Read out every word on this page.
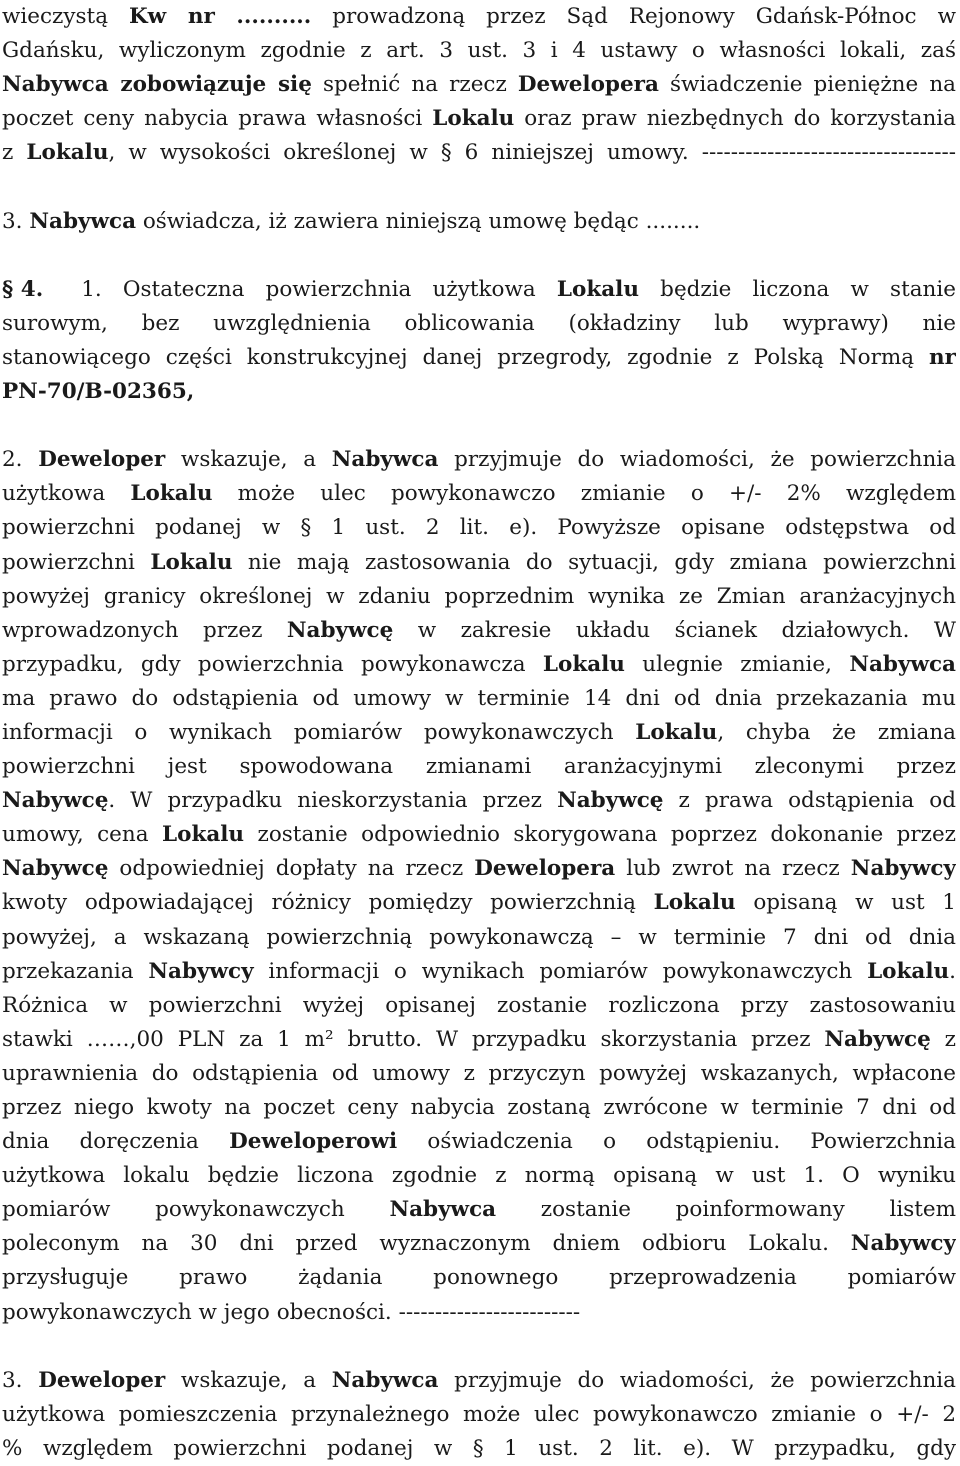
wieczystą Kw nr .......... prowadzoną przez Sąd Rejonowy Gdańsk-Północ w
Gdańsku, wyliczonym zgodnie z art. 3 ust. 3 i 4 ustawy o własności lokali, zaś
Nabywca zobowiązuje się spełnić na rzecz Dewelopera świadczenie pieniężne na
poczet ceny nabycia prawa własności Lokalu oraz praw niezbędnych do korzystania
z Lokalu, w wysokości określonej w § 6 niniejszej umowy. -----------------------------------
3. Nabywca oświadcza, iż zawiera niniejszą umowę będąc ........
§ 4. 1. Ostateczna powierzchnia użytkowa Lokalu będzie liczona w stanie
surowym, bez uwzględnienia oblicowania (okładziny lub wyprawy) nie
stanowiącego części konstrukcyjnej danej przegrody, zgodnie z Polską Normą nr
PN-70/B-02365,
2. Deweloper wskazuje, a Nabywca przyjmuje do wiadomości, że powierzchnia
użytkowa Lokalu może ulec powykonawczo zmianie o +/- 2% względem
powierzchni podanej w § 1 ust. 2 lit. e). Powyższe opisane odstępstwa od
powierzchni Lokalu nie mają zastosowania do sytuacji, gdy zmiana powierzchni
powyżej granicy określonej w zdaniu poprzednim wynika ze Zmian aranżacyjnych
wprowadzonych przez Nabywcę w zakresie układu ścianek działowych. W
przypadku, gdy powierzchnia powykonawcza Lokalu ulegnie zmianie, Nabywca
ma prawo do odstąpienia od umowy w terminie 14 dni od dnia przekazania mu
informacji o wynikach pomiarów powykonawczych Lokalu, chyba że zmiana
powierzchni jest spowodowana zmianami aranżacyjnymi zleconymi przez
Nabywcę. W przypadku nieskorzystania przez Nabywcę z prawa odstąpienia od
umowy, cena Lokalu zostanie odpowiednio skorygowana poprzez dokonanie przez
Nabywcę odpowiedniej dopłaty na rzecz Dewelopera lub zwrot na rzecz Nabywcy
kwoty odpowiadającej różnicy pomiędzy powierzchnią Lokalu opisaną w ust 1
powyżej, a wskazaną powierzchnią powykonawczą – w terminie 7 dni od dnia
przekazania Nabywcy informacji o wynikach pomiarów powykonawczych Lokalu.
Różnica w powierzchni wyżej opisanej zostanie rozliczona przy zastosowaniu
stawki ……,00 PLN za 1 m² brutto. W przypadku skorzystania przez Nabywcę z
uprawnienia do odstąpienia od umowy z przyczyn powyżej wskazanych, wpłacone
przez niego kwoty na poczet ceny nabycia zostaną zwrócone w terminie 7 dni od
dnia doręczenia Deweloperowi oświadczenia o odstąpieniu. Powierzchnia
użytkowa lokalu będzie liczona zgodnie z normą opisaną w ust 1. O wyniku
pomiarów powykonawczych Nabywca zostanie poinformowany listem
poleconym na 30 dni przed wyznaczonym dniem odbioru Lokalu. Nabywcy
przysługuje prawo żądania ponownego przeprowadzenia pomiarów
powykonawczych w jego obecności. -------------------------
3. Deweloper wskazuje, a Nabywca przyjmuje do wiadomości, że powierzchnia
użytkowa pomieszczenia przynależnego może ulec powykonawczo zmianie o +/- 2
% względem powierzchni podanej w § 1 ust. 2 lit. e). W przypadku, gdy
